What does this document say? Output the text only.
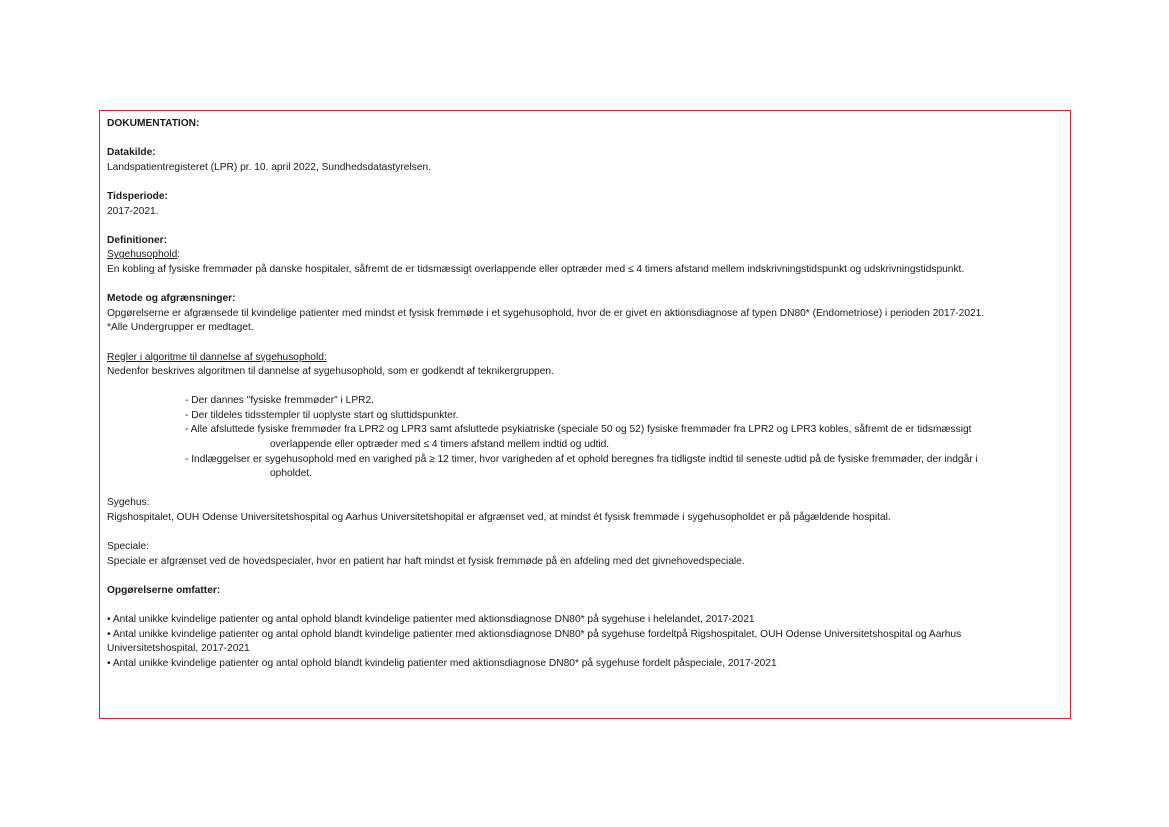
DOKUMENTATION:

Datakilde:

Landspatientregisteret (LPR) pr. 10. april 2022, Sundhedsdatastyrelsen.

Tidsperiode:

2017-2021.

Definitioner:

Sygehusophold:

En kobling af fysiske fremmøder på danske hospitaler, såfremt de er tidsmæssigt overlappende eller optræder med ≤ 4 timers afstand mellem indskrivningstidspunkt og udskrivningstidspunkt.

Metode og afgrænsninger:

Opgørelserne er afgrænsede til kvindelige patienter med mindst et fysisk fremmøde i et sygehusophold, hvor de er givet en aktionsdiagnose af typen DN80* (Endometriose) i perioden 2017-2021.

*Alle Undergrupper er medtaget.

Regler i algoritme til dannelse af sygehusophold:

Nedenfor beskrives algoritmen til dannelse af sygehusophold, som er godkendt af teknikergruppen.

- Der dannes "fysiske fremmøder" i LPR2.

- Der tildeles tidsstempler til uoplyste start og sluttidspunkter.

- Alle afsluttede fysiske fremmøder fra LPR2 og LPR3 samt afsluttede psykiatriske (speciale 50 og 52) fysiske fremmøder fra LPR2 og LPR3 kobles, såfremt de er tidsmæssigt

overlappende eller optræder med ≤ 4 timers afstand mellem indtid og udtid.

- Indlæggelser er sygehusophold med en varighed på ≥ 12 timer, hvor varigheden af et ophold beregnes fra tidligste indtid til seneste udtid på de fysiske fremmøder, der indgår i

opholdet.

Sygehus:

Rigshospitalet, OUH Odense Universitetshospital og Aarhus Universitetshopital er afgrænset ved, at mindst ét fysisk fremmøde i sygehusopholdet er på pågældende hospital.

Speciale:

Speciale er afgrænset ved de hovedspecialer, hvor en patient har haft mindst et fysisk fremmøde på en afdeling med det givnehovedspeciale.

Opgørelserne omfatter:

• Antal unikke kvindelige patienter og antal ophold blandt kvindelige patienter med aktionsdiagnose DN80* på sygehuse i helelandet, 2017-2021

• Antal unikke kvindelige patienter og antal ophold blandt kvindelige patienter med aktionsdiagnose DN80* på sygehuse fordeltpå Rigshospitalet, OUH Odense Universitetshospital og Aarhus

Universitetshospital, 2017-2021

• Antal unikke kvindelige patienter og antal ophold blandt kvindelig patienter med aktionsdiagnose DN80* på sygehuse fordelt påspeciale, 2017-2021
